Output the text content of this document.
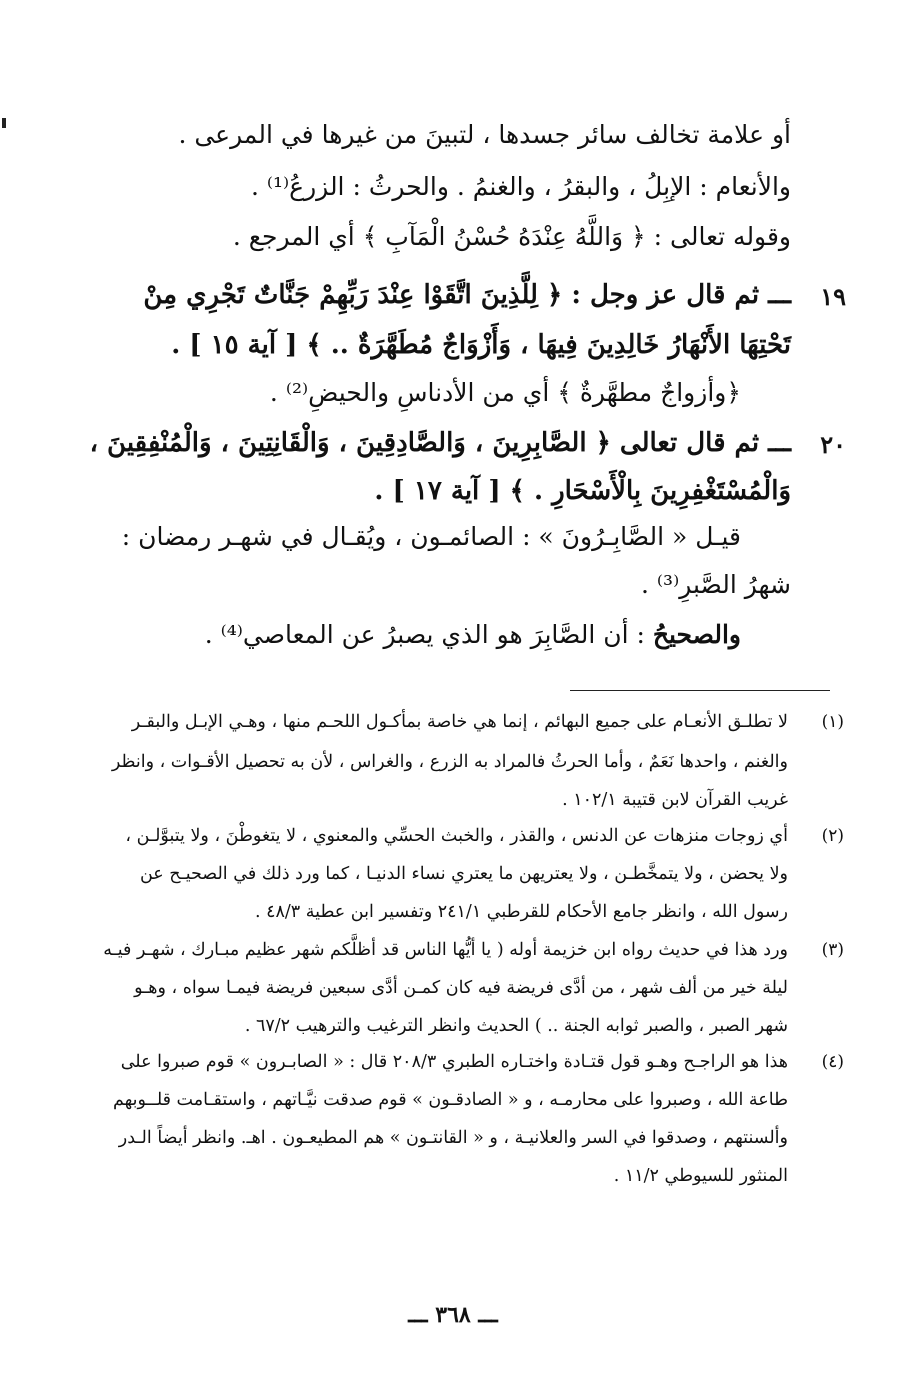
أو علامة تخالف سائر جسدها ، لتبينَ من غيرها في المرعى .
والأنعام : الإبِلُ ، والبقرُ ، والغنمُ . والحرثُ : الزرعُ⁽¹⁾ .
وقوله تعالى : ﴿ وَاللَّهُ عِنْدَهُ حُسْنُ الْمَآبِ ﴾ أي المرجع .
١٩
ـــ ثم قال عز وجل : ﴿ لِلَّذِينَ اتَّقَوْا عِنْدَ رَبِّهِمْ جَنَّاتٌ تَجْرِي مِنْ
تَحْتِهَا الأَنْهَارُ خَالِدِينَ فِيهَا ، وَأَزْوَاجٌ مُطَهَّرَةٌ .. ﴾ [ آية ١٥ ] .
﴿وأزواجٌ مطهَّرةٌ ﴾ أي من الأدناسِ والحيضِ⁽²⁾ .
٢٠
ـــ ثم قال تعالى ﴿ الصَّابِرِينَ ، وَالصَّادِقِينَ ، وَالْقَانِتِينَ ، وَالْمُنْفِقِينَ ،
وَالْمُسْتَغْفِرِينَ بِالْأَسْحَارِ . ﴾ [ آية ١٧ ] .
قيـل « الصَّابِـرُونَ » : الصائمـون ، ويُقـال في شهـر رمضان :
شهرُ الصَّبرِ⁽³⁾ .
والصحيحُ : أن الصَّابِرَ هو الذي يصبرُ عن المعاصي⁽⁴⁾ .
(١)
لا تطلـق الأنعـام على جميع البهائم ، إنما هي خاصة بمأكـول اللحـم منها ، وهـي الإبـل والبقـر
والغنم ، واحدها نَعَمٌ ، وأما الحرثُ فالمراد به الزرع ، والغراس ، لأن به تحصيل الأقـوات ، وانظر
غريب القرآن لابن قتيبة ١٠٢/١ .
(٢)
أي زوجات منزهات عن الدنس ، والقذر ، والخبث الحسِّي والمعنوي ، لا يتغوطْنَ ، ولا يتبوَّلـن ،
ولا يحضن ، ولا يتمخَّطـن ، ولا يعتريهن ما يعتري نساء الدنيـا ، كما ورد ذلك في الصحيـح عن
رسول الله ، وانظر جامع الأحكام للقرطبي ٢٤١/١ وتفسير ابن عطية ٤٨/٣ .
(٣)
ورد هذا في حديث رواه ابن خزيمة أوله ( يا أيُّها الناس قد أظلَّكم شهر عظيم مبـارك ، شهـر فيـه
ليلة خير من ألف شهر ، من أدَّى فريضة فيه كان كمـن أدَّى سبعين فريضة فيمـا سواه ، وهـو
شهر الصبر ، والصبر ثوابه الجنة .. ) الحديث وانظر الترغيب والترهيب ٦٧/٢ .
(٤)
هذا هو الراجـح وهـو قول قتـادة واختـاره الطبري ٢٠٨/٣ قال : « الصابـرون » قوم صبروا على
طاعة الله ، وصبروا على محارمـه ، و « الصادقـون » قوم صدقت نيَّـاتهم ، واستقـامت قلــوبهم
وألسنتهم ، وصدقوا في السر والعلانيـة ، و « القانتـون » هم المطيعـون . اهـ. وانظر أيضاً الـدر
المنثور للسيوطي ١١/٢ .
ـــ ٣٦٨ ـــ
